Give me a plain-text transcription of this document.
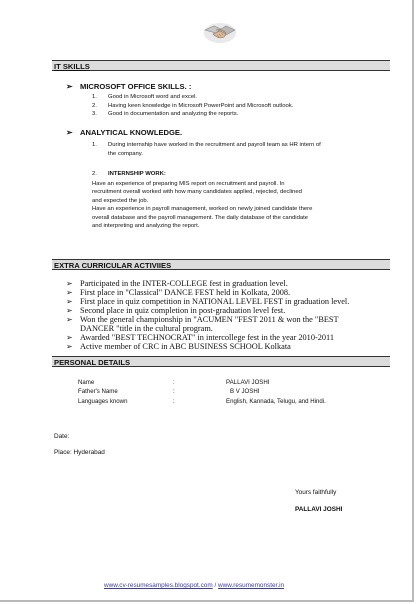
IT SKILLS
➢ MICROSOFT OFFICE SKILLS. :
1. Good in Microsoft word and excel.
2. Having keen knowledge in Microsoft PowerPoint and Microsoft outlook.
3. Good in documentation and analyzing the reports.
➢ ANALYTICAL KNOWLEDGE.
1. During internship have worked in the recruitment and payroll team as HR intern of
the company.
2. INTERNSHIP WORK:
Have an experience of preparing MIS report on recruitment and payroll. In
recruitment overall worked with how many candidates applied, rejected, declined
and expected the job.
Have an experience in payroll management, worked on newly joined candidate there
overall database and the payroll management. The daily database of the candidate
and interpreting and analyzing the report.
EXTRA CURRICULAR ACTIVIIES
➢ Participated in the INTER-COLLEGE fest in graduation level.
➢ First place in "Classical" DANCE FEST held in Kolkata, 2008.
➢ First place in quiz competition in NATIONAL LEVEL FEST in graduation level.
➢ Second place in quiz completion in post-graduation level fest.
➢ Won the general championship in "ACUMEN "FEST 2011 & won the "BEST
DANCER "title in the cultural program.
➢ Awarded "BEST TECHNOCRAT" in intercollege fest in the year 2010-2011
➢ Active member of CRC in ABC BUSINESS SCHOOL Kolkata
PERSONAL DETAILS
Name	:	PALLAVI JOSHI
Father's Name	:	B V JOSHI
Languages known	:	English, Kannada, Telugu, and Hindi.
Date:
Place: Hyderabad
Yours faithfully
PALLAVI JOSHI
www.cv-resumesamples.blogspot.com / www.resumemonster.in
